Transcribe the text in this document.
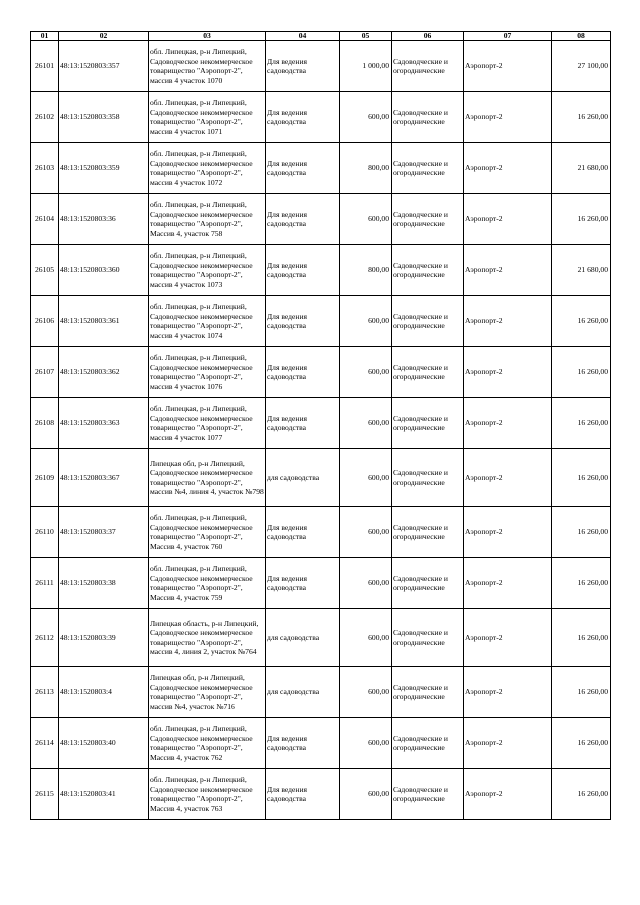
01	02	03	04	05	06	07	08
26101	48:13:1520803:357	обл. Липецкая, р-н Липецкий, Садоводческое некоммерческое товарищество "Аэропорт-2", массив 4 участок 1070	Для ведения садоводства	1 000,00	Садоводческие и огороднические	Аэропорт-2	27 100,00
26102	48:13:1520803:358	обл. Липецкая, р-н Липецкий, Садоводческое некоммерческое товарищество "Аэропорт-2", массив 4 участок 1071	Для ведения садоводства	600,00	Садоводческие и огороднические	Аэропорт-2	16 260,00
26103	48:13:1520803:359	обл. Липецкая, р-н Липецкий, Садоводческое некоммерческое товарищество "Аэропорт-2", массив 4 участок 1072	Для ведения садоводства	800,00	Садоводческие и огороднические	Аэропорт-2	21 680,00
26104	48:13:1520803:36	обл. Липецкая, р-н Липецкий, Садоводческое некоммерческое товарищество "Аэропорт-2", Массив 4, участок 758	Для ведения садоводства	600,00	Садоводческие и огороднические	Аэропорт-2	16 260,00
26105	48:13:1520803:360	обл. Липецкая, р-н Липецкий, Садоводческое некоммерческое товарищество "Аэропорт-2", массив 4 участок 1073	Для ведения садоводства	800,00	Садоводческие и огороднические	Аэропорт-2	21 680,00
26106	48:13:1520803:361	обл. Липецкая, р-н Липецкий, Садоводческое некоммерческое товарищество "Аэропорт-2", массив 4 участок 1074	Для ведения садоводства	600,00	Садоводческие и огороднические	Аэропорт-2	16 260,00
26107	48:13:1520803:362	обл. Липецкая, р-н Липецкий, Садоводческое некоммерческое товарищество "Аэропорт-2", массив 4 участок 1076	Для ведения садоводства	600,00	Садоводческие и огороднические	Аэропорт-2	16 260,00
26108	48:13:1520803:363	обл. Липецкая, р-н Липецкий, Садоводческое некоммерческое товарищество "Аэропорт-2", массив 4 участок 1077	Для ведения садоводства	600,00	Садоводческие и огороднические	Аэропорт-2	16 260,00
26109	48:13:1520803:367	Липецкая обл, р-н Липецкий, Садоводческое некоммерческое товарищество "Аэропорт-2", массив №4, линия 4, участок №798	для садоводства	600,00	Садоводческие и огороднические	Аэропорт-2	16 260,00
26110	48:13:1520803:37	обл. Липецкая, р-н Липецкий, Садоводческое некоммерческое товарищество "Аэропорт-2", Массив 4, участок 760	Для ведения садоводства	600,00	Садоводческие и огороднические	Аэропорт-2	16 260,00
26111	48:13:1520803:38	обл. Липецкая, р-н Липецкий, Садоводческое некоммерческое товарищество "Аэропорт-2", Массив 4, участок 759	Для ведения садоводства	600,00	Садоводческие и огороднические	Аэропорт-2	16 260,00
26112	48:13:1520803:39	Липецкая область, р-н Липецкий, Садоводческое некоммерческое товарищество "Аэропорт-2", массив 4, линия 2, участок №764	для садоводства	600,00	Садоводческие и огороднические	Аэропорт-2	16 260,00
26113	48:13:1520803:4	Липецкая обл, р-н Липецкий, Садоводческое некоммерческое товарищество "Аэропорт-2", массив №4, участок №716	для садоводства	600,00	Садоводческие и огороднические	Аэропорт-2	16 260,00
26114	48:13:1520803:40	обл. Липецкая, р-н Липецкий, Садоводческое некоммерческое товарищество "Аэропорт-2", Массив 4, участок 762	Для ведения садоводства	600,00	Садоводческие и огороднические	Аэропорт-2	16 260,00
26115	48:13:1520803:41	обл. Липецкая, р-н Липецкий, Садоводческое некоммерческое товарищество "Аэропорт-2", Массив 4, участок 763	Для ведения садоводства	600,00	Садоводческие и огороднические	Аэропорт-2	16 260,00
